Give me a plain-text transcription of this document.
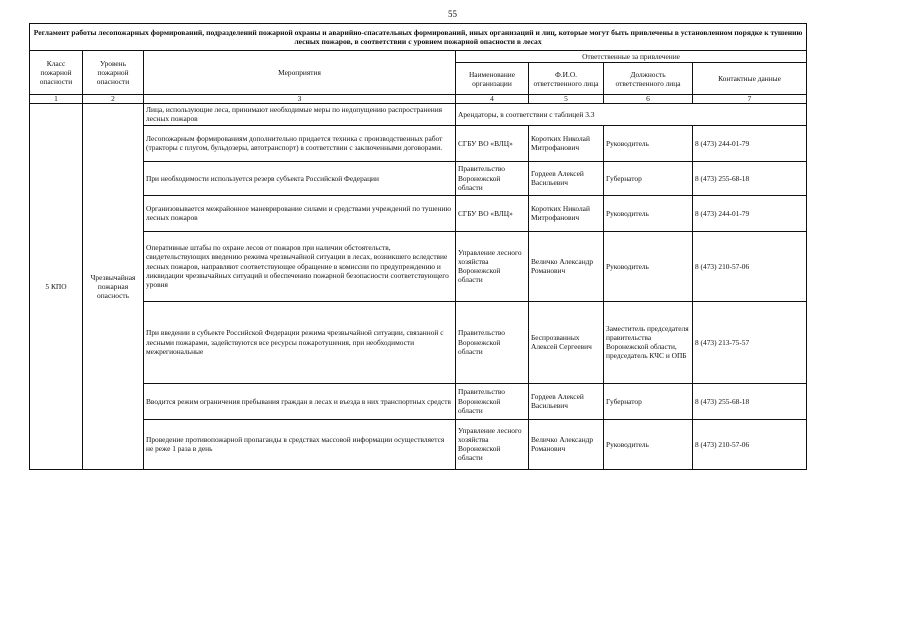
55
Регламент работы лесопожарных формирований, подразделений пожарной охраны и аварийно-спасательных формирований, иных организаций и лиц, которые могут быть привлечены в установленном порядке к тушению лесных пожаров, в соответствии с уровнем пожарной опасности в лесах						
Класс пожарной опасности	Уровень пожарной опасности	Мероприятия	Ответственные за привлечение			
			Наименование организации	Ф.И.О. ответственного лица	Должность ответственного лица	Контактные данные
1	2	3	4	5	6	7
5 КПО	Чрезвычайная пожарная опасность	Лица, использующие леса, принимают необходимые меры по недопущению распространения лесных пожаров	Арендаторы, в соответствии с таблицей 3.3			
		Лесопожарным формированиям дополнительно придается техника с производственных работ (тракторы с плугом, бульдозеры, автотранспорт) в соответствии с заключенными договорами.	СГБУ ВО «ВЛЦ»	Коротких Николай Митрофанович	Руководитель	8 (473) 244-01-79
		При необходимости используется резерв субъекта Российской Федерации	Правительство Воронежской области	Гордеев Алексей Васильевич	Губернатор	8 (473) 255-68-18
		Организовывается межрайонное маневрирование силами и средствами учреждений по тушению лесных пожаров	СГБУ ВО «ВЛЦ»	Коротких Николай Митрофанович	Руководитель	8 (473) 244-01-79
		Оперативные штабы по охране лесов от пожаров при наличии обстоятельств, свидетельствующих введению режима чрезвычайной ситуации в лесах, возникшего вследствие лесных пожаров, направляют соответствующее обращение в комиссии по предупреждению и ликвидации чрезвычайных ситуаций и обеспечению пожарной безопасности соответствующего уровня	Управление лесного хозяйства Воронежской области	Величко Александр Романович	Руководитель	8 (473) 210-57-06
		При введении в субъекте Российской Федерации режима чрезвычайной ситуации, связанной с лесными пожарами, задействуются все ресурсы пожаротушения, при необходимости межрегиональные	Правительство Воронежской области	Беспрозванных Алексей Сергеевич	Заместитель председателя правительства Воронежской области, председатель КЧС и ОПБ	8 (473) 213-75-57
		Вводится режим ограничения пребывания граждан в лесах и въезда в них транспортных средств	Правительство Воронежской области	Гордеев Алексей Васильевич	Губернатор	8 (473) 255-68-18
		Проведение противопожарной пропаганды в средствах массовой информации осуществляется не реже 1 раза в день	Управление лесного хозяйства Воронежской области	Величко Александр Романович	Руководитель	8 (473) 210-57-06
